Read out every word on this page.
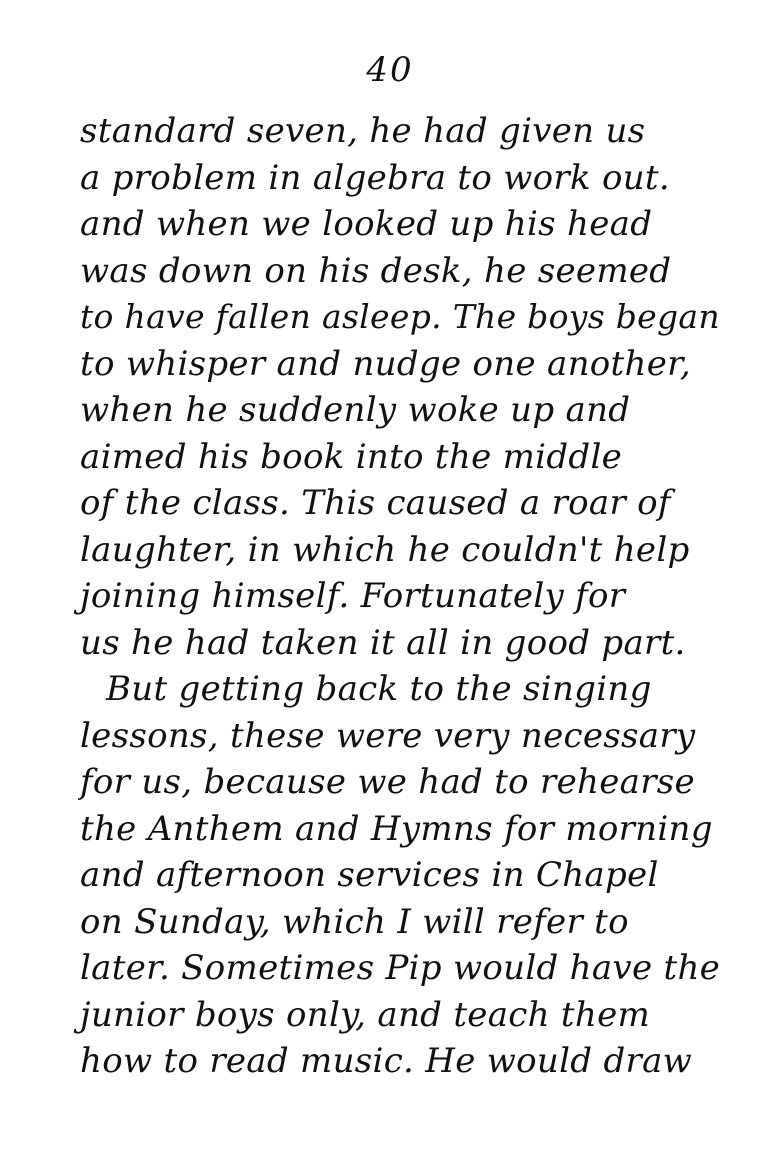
40
standard seven, he had given us
a problem in algebra to work out.
and when we looked up his head
was down on his desk, he seemed
to have fallen asleep. The boys began
to whisper and nudge one another,
when he suddenly woke up and
aimed his book into the middle
of the class. This caused a roar of
laughter, in which he couldn't help
joining himself. Fortunately for
us he had taken it all in good part.
But getting back to the singing
lessons, these were very necessary
for us, because we had to rehearse
the Anthem and Hymns for morning
and afternoon services in Chapel
on Sunday, which I will refer to
later. Sometimes Pip would have the
junior boys only, and teach them
how to read music. He would draw
